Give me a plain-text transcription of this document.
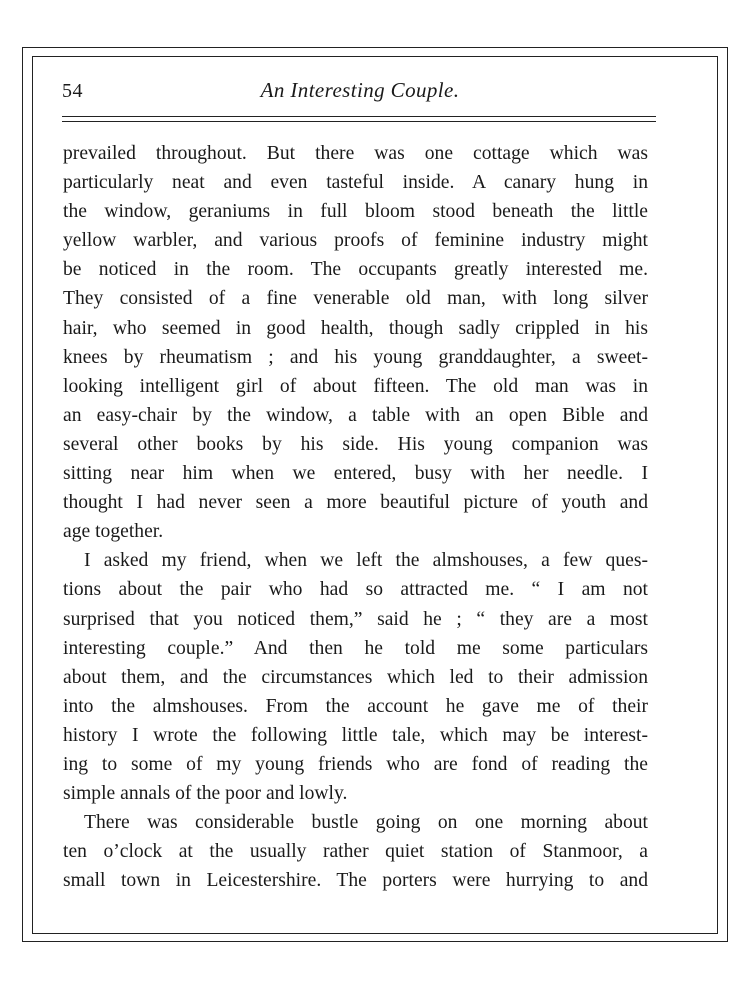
54	An Interesting Couple.
prevailed throughout. But there was one cottage which was
particularly neat and even tasteful inside. A canary hung in
the window, geraniums in full bloom stood beneath the little
yellow warbler, and various proofs of feminine industry might
be noticed in the room. The occupants greatly interested me.
They consisted of a fine venerable old man, with long silver
hair, who seemed in good health, though sadly crippled in his
knees by rheumatism ; and his young granddaughter, a sweet-
looking intelligent girl of about fifteen. The old man was in
an easy-chair by the window, a table with an open Bible and
several other books by his side. His young companion was
sitting near him when we entered, busy with her needle. I
thought I had never seen a more beautiful picture of youth and
age together.
I asked my friend, when we left the almshouses, a few ques-
tions about the pair who had so attracted me. “ I am not
surprised that you noticed them,” said he ; “ they are a most
interesting couple.” And then he told me some particulars
about them, and the circumstances which led to their admission
into the almshouses. From the account he gave me of their
history I wrote the following little tale, which may be interest-
ing to some of my young friends who are fond of reading the
simple annals of the poor and lowly.
There was considerable bustle going on one morning about
ten o’clock at the usually rather quiet station of Stanmoor, a
small town in Leicestershire. The porters were hurrying to and
